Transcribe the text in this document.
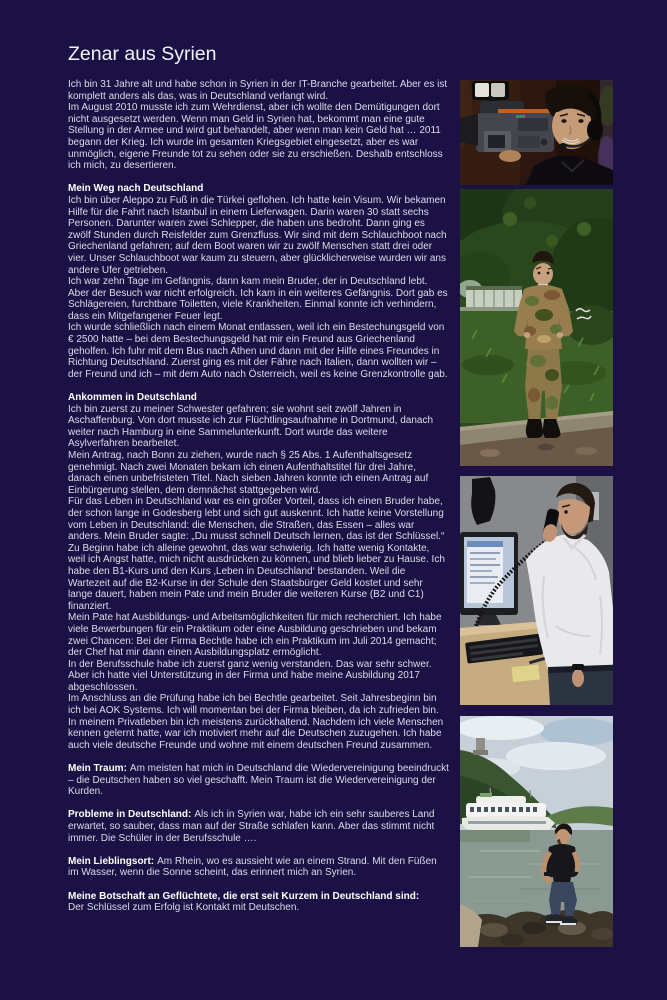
Zenar aus Syrien

Ich bin 31 Jahre alt und habe schon in Syrien in der IT-Branche gearbeitet. Aber es ist komplett anders als das, was in Deutschland verlangt wird.

Im August 2010 musste ich zum Wehrdienst, aber ich wollte den Demütigungen dort nicht ausgesetzt werden. Wenn man Geld in Syrien hat, bekommt man eine gute Stellung in der Armee und wird gut behandelt, aber wenn man kein Geld hat … 2011 begann der Krieg. Ich wurde im gesamten Kriegsgebiet eingesetzt, aber es war unmöglich, eigene Freunde tot zu sehen oder sie zu erschießen. Deshalb entschloss ich mich, zu desertieren.

Mein Weg nach Deutschland

Ich bin über Aleppo zu Fuß in die Türkei geflohen. Ich hatte kein Visum. Wir bekamen Hilfe für die Fahrt nach Istanbul in einem Lieferwagen. Darin waren 30 statt sechs Personen. Darunter waren zwei Schlepper, die haben uns bedroht. Dann ging es zwölf Stunden durch Reisfelder zum Grenzfluss. Wir sind mit dem Schlauchboot nach Griechenland gefahren; auf dem Boot waren wir zu zwölf Menschen statt drei oder vier. Unser Schlauchboot war kaum zu steuern, aber glücklicherweise wurden wir ans andere Ufer getrieben.

Ich war zehn Tage im Gefängnis, dann kam mein Bruder, der in Deutschland lebt. Aber der Besuch war nicht erfolgreich. Ich kam in ein weiteres Gefängnis. Dort gab es Schlägereien, furchtbare Toiletten, viele Krankheiten. Einmal konnte ich verhindern, dass ein Mitgefangener Feuer legt.

Ich wurde schließlich nach einem Monat entlassen, weil ich ein Bestechungsgeld von € 2500 hatte – bei dem Bestechungsgeld hat mir ein Freund aus Griechenland geholfen. Ich fuhr mit dem Bus nach Athen und dann mit der Hilfe eines Freundes in Richtung Deutschland. Zuerst ging es mit der Fähre nach Italien, dann wollten wir – der Freund und ich – mit dem Auto nach Österreich, weil es keine Grenzkontrolle gab.

Ankommen in Deutschland

Ich bin zuerst zu meiner Schwester gefahren; sie wohnt seit zwölf Jahren in Aschaffenburg. Von dort musste ich zur Flüchtlingsaufnahme in Dortmund, danach weiter nach Hamburg in eine Sammelunterkunft. Dort wurde das weitere Asylverfahren bearbeitet.

Mein Antrag, nach Bonn zu ziehen, wurde nach § 25 Abs. 1 Aufenthaltsgesetz genehmigt. Nach zwei Monaten bekam ich einen Aufenthaltstitel für drei Jahre, danach einen unbefristeten Titel. Nach sieben Jahren konnte ich einen Antrag auf Einbürgerung stellen, dem demnächst stattgegeben wird.

Für das Leben in Deutschland war es ein großer Vorteil, dass ich einen Bruder habe, der schon lange in Godesberg lebt und sich gut auskennt. Ich hatte keine Vorstellung vom Leben in Deutschland: die Menschen, die Straßen, das Essen – alles war anders. Mein Bruder sagte: „Du musst schnell Deutsch lernen, das ist der Schlüssel.“

Zu Beginn habe ich alleine gewohnt, das war schwierig. Ich hatte wenig Kontakte, weil ich Angst hatte, mich nicht ausdrücken zu können, und blieb lieber zu Hause. Ich habe den B1-Kurs und den Kurs ‚Leben in Deutschland‘ bestanden. Weil die Wartezeit auf die B2-Kurse in der Schule den Staatsbürger Geld kostet und sehr lange dauert, haben mein Pate und mein Bruder die weiteren Kurse (B2 und C1) finanziert.

Mein Pate hat Ausbildungs- und Arbeitsmöglichkeiten für mich recherchiert. Ich habe viele Bewerbungen für ein Praktikum oder eine Ausbildung geschrieben und bekam zwei Chancen: Bei der Firma Bechtle habe ich ein Praktikum im Juli 2014 gemacht; der Chef hat mir dann einen Ausbildungsplatz ermöglicht.

In der Berufsschule habe ich zuerst ganz wenig verstanden. Das war sehr schwer. Aber ich hatte viel Unterstützung in der Firma und habe meine Ausbildung 2017 abgeschlossen.

Im Anschluss an die Prüfung habe ich bei Bechtle gearbeitet. Seit Jahresbeginn bin ich bei AOK Systems. Ich will momentan bei der Firma bleiben, da ich zufrieden bin.

In meinem Privatleben bin ich meistens zurückhaltend. Nachdem ich viele Menschen kennen gelernt hatte, war ich motiviert mehr auf die Deutschen zuzugehen. Ich habe auch viele deutsche Freunde und wohne mit einem deutschen Freund zusammen.

Mein Traum: Am meisten hat mich in Deutschland die Wiedervereinigung beeindruckt – die Deutschen haben so viel geschafft. Mein Traum ist die Wiedervereinigung der Kurden.

Probleme in Deutschland: Als ich in Syrien war, habe ich ein sehr sauberes Land erwartet, so sauber, dass man auf der Straße schlafen kann. Aber das stimmt nicht immer. Die Schüler in der Berufsschule ….

Mein Lieblingsort: Am Rhein, wo es aussieht wie an einem Strand. Mit den Füßen im Wasser, wenn die Sonne scheint, das erinnert mich an Syrien.

Meine Botschaft an Geflüchtete, die erst seit Kurzem in Deutschland sind:
Der Schlüssel zum Erfolg ist Kontakt mit Deutschen.
